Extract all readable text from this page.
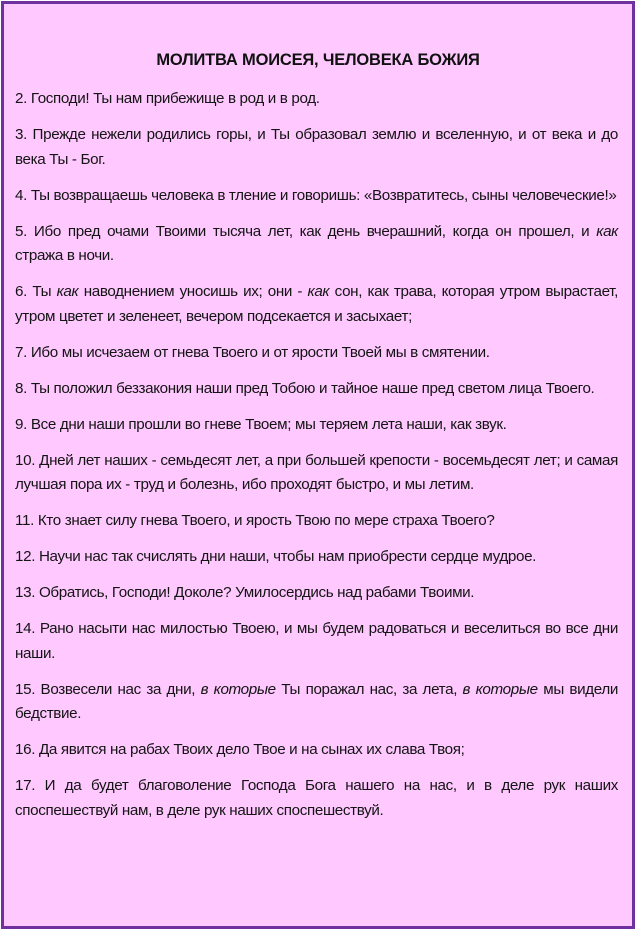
МОЛИТВА МОИСЕЯ, ЧЕЛОВЕКА БОЖИЯ

2. Господи! Ты нам прибежище в род и в род.

3. Прежде нежели родились горы, и Ты образовал землю и вселенную, и от века и до века Ты - Бог.

4. Ты возвращаешь человека в тление и говоришь: «Возвратитесь, сыны человеческие!»

5. Ибо пред очами Твоими тысяча лет, как день вчерашний, когда он прошел, и как стража в ночи.

6. Ты как наводнением уносишь их; они - как сон, как трава, которая утром вырастает, утром цветет и зеленеет, вечером подсекается и засыхает;

7. Ибо мы исчезаем от гнева Твоего и от ярости Твоей мы в смятении.

8. Ты положил беззакония наши пред Тобою и тайное наше пред светом лица Твоего.

9. Все дни наши прошли во гневе Твоем; мы теряем лета наши, как звук.

10. Дней лет наших - семьдесят лет, а при большей крепости - восемьдесят лет; и самая лучшая пора их - труд и болезнь, ибо проходят быстро, и мы летим.

11. Кто знает силу гнева Твоего, и ярость Твою по мере страха Твоего?

12. Научи нас так счислять дни наши, чтобы нам приобрести сердце мудрое.

13. Обратись, Господи! Доколе? Умилосердись над рабами Твоими.

14. Рано насыти нас милостью Твоею, и мы будем радоваться и веселиться во все дни наши.

15. Возвесели нас за дни, в которые Ты поражал нас, за лета, в которые мы видели бедствие.

16. Да явится на рабах Твоих дело Твое и на сынах их слава Твоя;

17. И да будет благоволение Господа Бога нашего на нас, и в деле рук наших споспешествуй нам, в деле рук наших споспешествуй.
